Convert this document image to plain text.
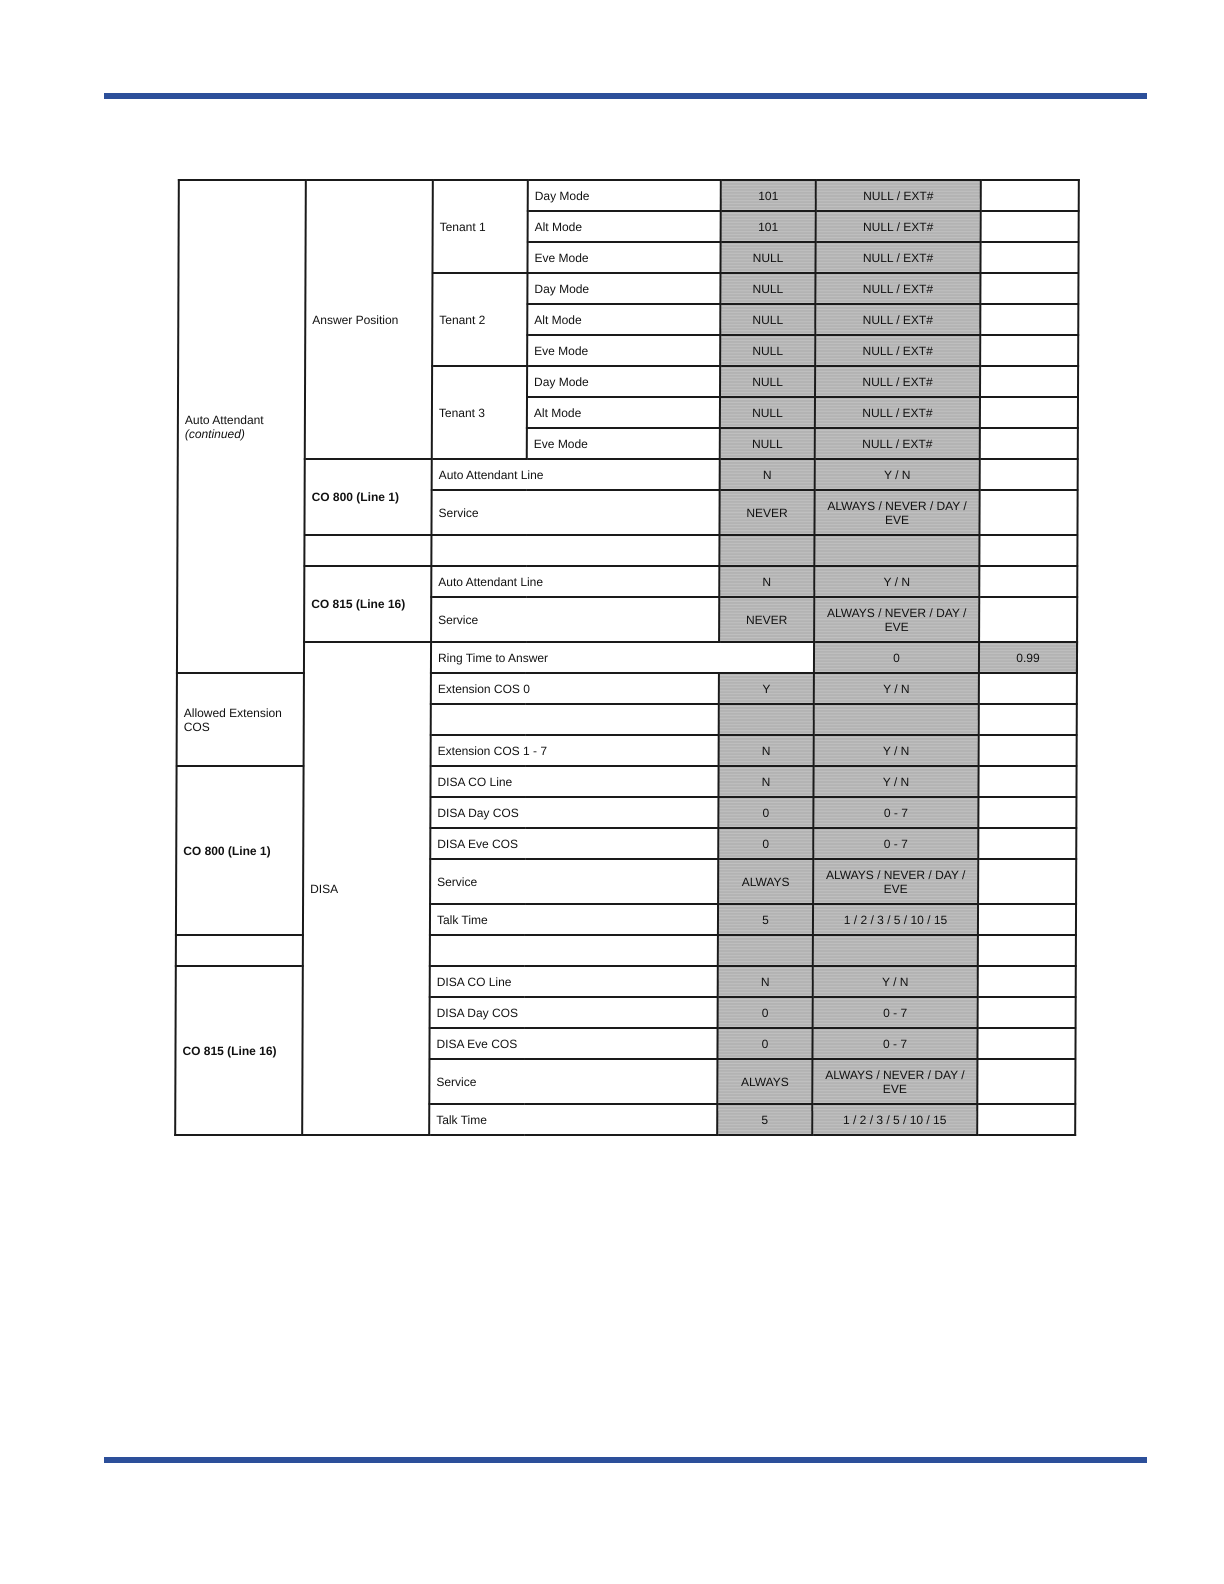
Auto Attendant
(continued)	Answer Position	Tenant 1	Day Mode	101	NULL / EXT#		
			Alt Mode	101	NULL / EXT#		
			Eve Mode	NULL	NULL / EXT#		
		Tenant 2	Day Mode	NULL	NULL / EXT#		
			Alt Mode	NULL	NULL / EXT#		
			Eve Mode	NULL	NULL / EXT#		
		Tenant 3	Day Mode	NULL	NULL / EXT#		
			Alt Mode	NULL	NULL / EXT#		
			Eve Mode	NULL	NULL / EXT#		
	CO 800 (Line 1)	Auto Attendant Line		N	Y / N		
		Service		NEVER	ALWAYS / NEVER / DAY / EVE		

	CO 815 (Line 16)	Auto Attendant Line		N	Y / N		
		Service		NEVER	ALWAYS / NEVER / DAY / EVE		

	DISA	Ring Time to Answer			0	0.99	
Allowed Extension COS		Extension COS 0		Y	Y / N		

		Extension COS 1 - 7		N	Y / N		
CO 800 (Line 1)		DISA CO Line		N	Y / N		
		DISA Day COS		0	0 - 7		
		DISA Eve COS		0	0 - 7		
		Service		ALWAYS	ALWAYS / NEVER / DAY / EVE		
		Talk Time		5	1 / 2 / 3 / 5 / 10 / 15		

CO 815 (Line 16)		DISA CO Line		N	Y / N		
		DISA Day COS		0	0 - 7		
		DISA Eve COS		0	0 - 7		
		Service		ALWAYS	ALWAYS / NEVER / DAY / EVE		
		Talk Time		5	1 / 2 / 3 / 5 / 10 / 15		
